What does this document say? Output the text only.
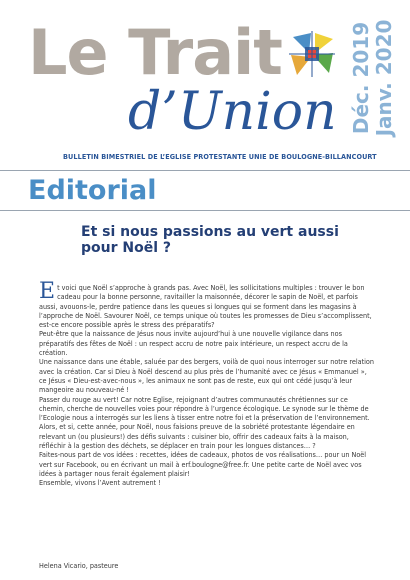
Le Trait
d’Union Déc. 2019 Janv. 2020
BULLETIN BIMESTRIEL DE L’EGLISE PROTESTANTE UNIE DE BOULOGNE-BILLANCOURT
Editorial
Et si nous passions au vert aussi pour Noël ?

Et voici que Noël s’approche à grands pas. Avec Noël, les sollicitations multiples : trouver le bon cadeau pour la bonne personne, ravitailler la maisonnée, décorer le sapin de Noël, et parfois aussi, avouons-le, perdre patience dans les queues si longues qui se forment dans les magasins à l’approche de Noël. Savourer Noël, ce temps unique où toutes les promesses de Dieu s’accomplissent, est-ce encore possible après le stress des préparatifs?

Peut-être que la naissance de Jésus nous invite aujourd’hui à une nouvelle vigilance dans nos préparatifs des fêtes de Noël : un respect accru de notre paix intérieure, un respect accru de la création.

Une naissance dans une étable, saluée par des bergers, voilà de quoi nous interroger sur notre relation avec la création. Car si Dieu à Noël descend au plus près de l’humanité avec ce Jésus « Emmanuel », ce Jésus « Dieu-est-avec-nous », les animaux ne sont pas de reste, eux qui ont cédé jusqu’à leur mangeoire au nouveau-né !

Passer du rouge au vert! Car notre Eglise, rejoignant d’autres communautés chrétiennes sur ce chemin, cherche de nouvelles voies pour répondre à l’urgence écologique. Le synode sur le thème de l’Ecologie nous a interrogés sur les liens à tisser entre notre foi et la préservation de l’environnement. Alors, et si, cette année, pour Noël, nous faisions preuve de la sobriété protestante légendaire en relevant un (ou plusieurs!) des défis suivants : cuisiner bio, offrir des cadeaux faits à la maison, réfléchir à la gestion des déchets, se déplacer en train pour les longues distances… ?

Faites-nous part de vos idées : recettes, idées de cadeaux, photos de vos réalisations… pour un Noël vert sur Facebook, ou en écrivant un mail à erf.boulogne@free.fr. Une petite carte de Noël avec vos idées à partager nous ferait également plaisir!

Ensemble, vivons l’Avent autrement !

Helena Vicario, pasteure
